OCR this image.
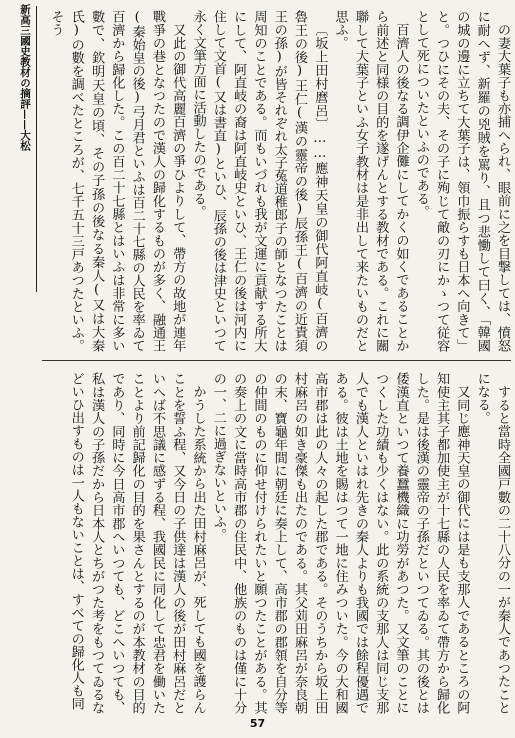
新高三國史教材の摘評——大松	の妻大葉子も亦捕へられ、眼前に之を目撃しては、憤怒に耐へず、新羅の兇賊を罵り、且つ悲慟して曰く、「韓國の城の邊に立ちて大葉子は、領巾振らすも日本へ向きて」と。つひにその夫、その子に殉じて敵の刃にかゝつて従容として死についたといふのである。

百濟人の後なる調伊企儺にしてかくの如くであることから前述と同様の目的を遂げんとする教材である。これに關聯して大葉子といふ女子教材は是非出して来たいものだと思ふ。

〔坂上田村麿呂〕……應神天皇の御代阿直岐(百濟の魯王の後)王仁(漢の靈帝の後)辰孫王(百濟の近貴須王の孫)が皆それぞれ太子菟道稚郎子の師となつたことは周知のことである。而もいづれも我が文運に貢献する所大にして、阿直岐の裔は阿直岐史といひ、王仁の後は河内に住して文首(又は書直)といひ、辰孫の後は津史といつて永く文筆方面に活動したのである。

又此の御代高麗百濟の爭ひよりして、帶方の故地が連年戰爭の巷となつたので漢人の歸化するものが多く、融通王(秦始皇の後)弓月君といふは百二十七縣の人民を率ゐて百濟から歸化した。この百二十七縣とはいふは非常に多い數で、欽明天皇の頃、その子孫の後なる秦人(又は大秦氏)の數を調べたところが、七千五十三戸あつたといふ。そう

すると當時全國戸數の二十八分の一が秦人であつたことになる。

又同じ應神天皇の御代には是も支那人であるところの阿知使主其子都加使主が十七縣の人民を率ゐて帶方から歸化した。是は後漢の靈帝の子孫だといつてゐる。其の後とは倭漢直といつて養蠶機織に功勞があつた。又文筆のことにつくした功績も少くはない。此の系統の支那人は同じ支那人でも漢人といはれ先きの秦人よりも我國では餘程優遇である。彼は土地を賜はつて一地に住みついた。今の大和國高市郡は此の人々の起した郡である。そのうちから坂上田村麻呂の如き豪傑も出たのである。其父苅田麻呂が奈良朝の末、寶龜年間に朝廷に奏上して、高市郡の郡領を自分等の仲間のものに仰せ付けられたいと願つたことがある。其の奏上の文に當時高市郡の住民中、他族のものは僅に十分の一、二に過ぎないといふ。

かうした系統から出た田村麻呂が、死しても國を護らんことを誓ふ程、又今日の子供達は漢人の後が田村麻呂だといへば不思議に感ずる程、我國民に同化して忠君を働いたことより前記歸化の目的を果さんとするのが本教材の目的であり、同時に今日高市郡へいつても、どこへいつても、私は漢人の子孫だから日本人とちがつた考をもつてゐるなどいひ出すものは一人もないことは、すべての歸化人も同

57
